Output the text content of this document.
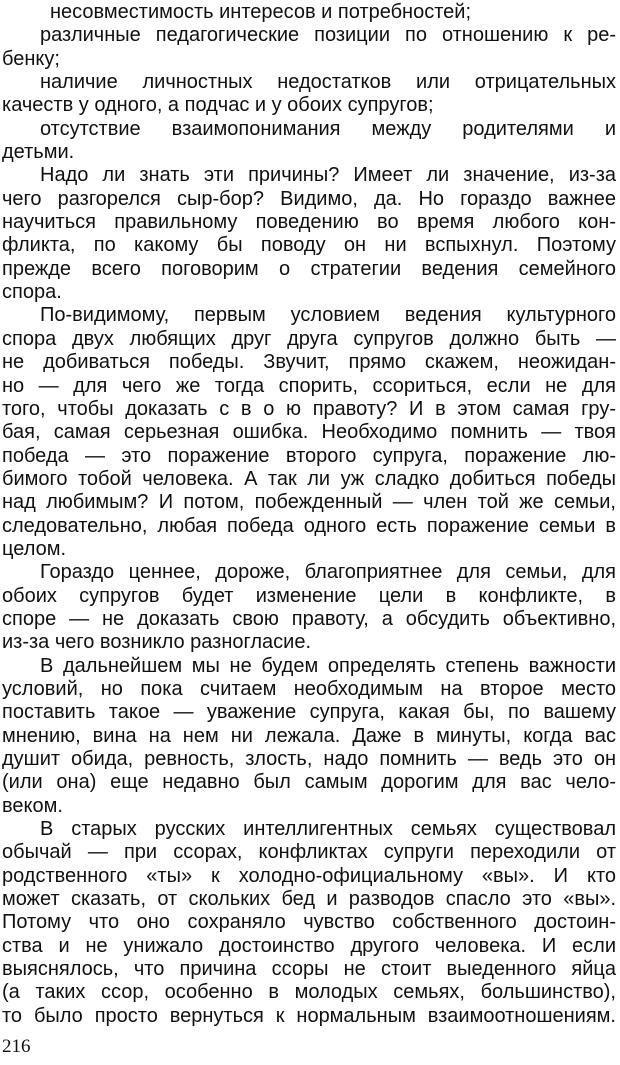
несовместимость интересов и потребностей;
различные педагогические позиции по отношению к ре-
бенку;
наличие личностных недостатков или отрицательных
качеств у одного, а подчас и у обоих супругов;
отсутствие взаимопонимания между родителями и
детьми.
Надо ли знать эти причины? Имеет ли значение, из-за
чего разгорелся сыр-бор? Видимо, да. Но гораздо важнее
научиться правильному поведению во время любого кон-
фликта, по какому бы поводу он ни вспыхнул. Поэтому
прежде всего поговорим о стратегии ведения семейного
спора.
По-видимому, первым условием ведения культурного
спора двух любящих друг друга супругов должно быть —
не добиваться победы. Звучит, прямо скажем, неожидан-
но — для чего же тогда спорить, ссориться, если не для
того, чтобы доказать с в о ю правоту? И в этом самая гру-
бая, самая серьезная ошибка. Необходимо помнить — твоя
победа — это поражение второго супруга, поражение лю-
бимого тобой человека. А так ли уж сладко добиться победы
над любимым? И потом, побежденный — член той же семьи,
следовательно, любая победа одного есть поражение семьи в
целом.
Гораздо ценнее, дороже, благоприятнее для семьи, для
обоих супругов будет изменение цели в конфликте, в
споре — не доказать свою правоту, а обсудить объективно,
из-за чего возникло разногласие.
В дальнейшем мы не будем определять степень важности
условий, но пока считаем необходимым на второе место
поставить такое — уважение супруга, какая бы, по вашему
мнению, вина на нем ни лежала. Даже в минуты, когда вас
душит обида, ревность, злость, надо помнить — ведь это он
(или она) еще недавно был самым дорогим для вас чело-
веком.
В старых русских интеллигентных семьях существовал
обычай — при ссорах, конфликтах супруги переходили от
родственного «ты» к холодно-официальному «вы». И кто
может сказать, от скольких бед и разводов спасло это «вы».
Потому что оно сохраняло чувство собственного достоин-
ства и не унижало достоинство другого человека. И если
выяснялось, что причина ссоры не стоит выеденного яйца
(а таких ссор, особенно в молодых семьях, большинство),
то было просто вернуться к нормальным взаимоотношениям.
216
